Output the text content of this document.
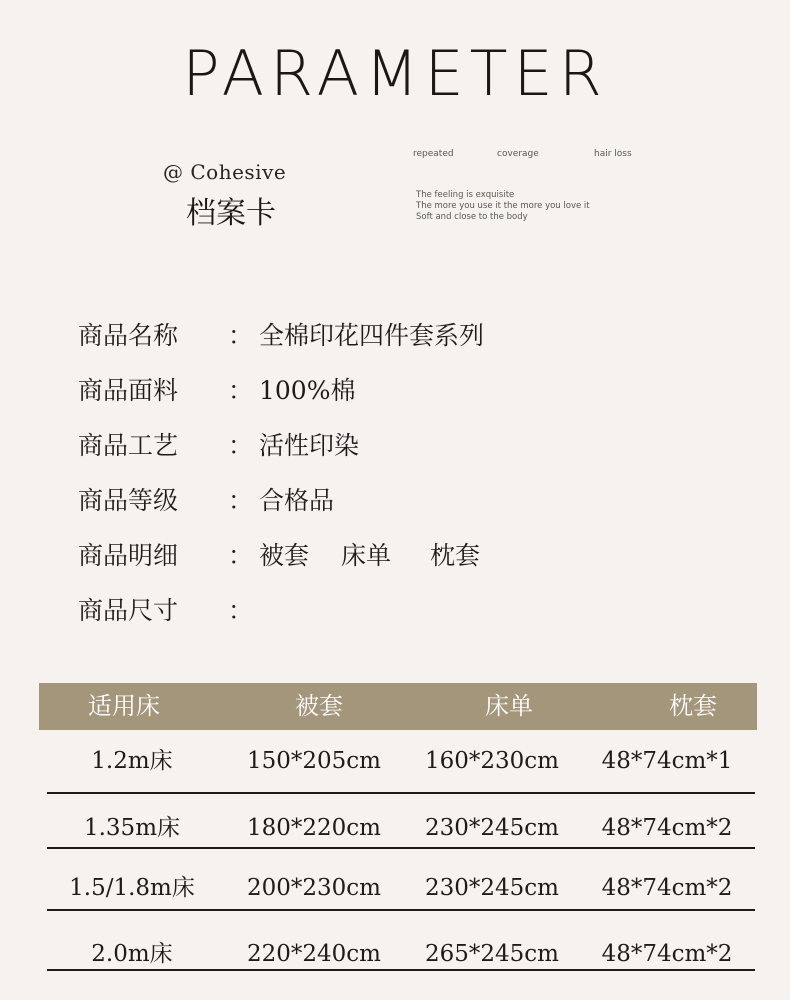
PARAMETER
@ Cohesive
档案卡
repeated	coverage	hair loss
The feeling is exquisite
The more you use it the more you love it
Soft and close to the body
商品名称	： 全棉印花四件套系列
商品面料	： 100%棉
商品工艺	： 活性印染
商品等级	： 合格品
商品明细	： 被套 床单 枕套
商品尺寸	：
适用床	被套	床单	枕套
1.2m床	150*205cm	160*230cm	48*74cm*1
1.35m床	180*220cm	230*245cm	48*74cm*2
1.5/1.8m床	200*230cm	230*245cm	48*74cm*2
2.0m床	220*240cm	265*245cm	48*74cm*2
